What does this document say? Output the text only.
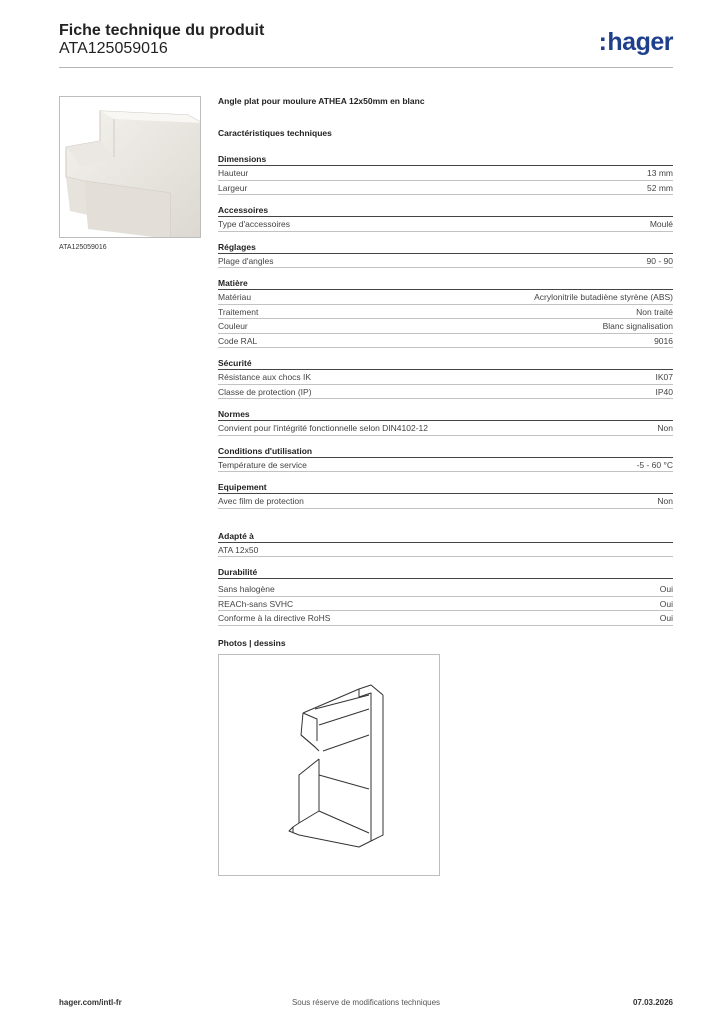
Fiche technique du produit
ATA125059016	:hager
ATA125059016
Angle plat pour moulure ATHEA 12x50mm en blanc
Caractéristiques techniques
Dimensions
Hauteur	13 mm
Largeur	52 mm
Accessoires
Type d'accessoires	Moulé
Réglages
Plage d'angles	90 - 90
Matière
Matériau	Acrylonitrile butadiène styrène (ABS)
Traitement	Non traité
Couleur	Blanc signalisation
Code RAL	9016
Sécurité
Résistance aux chocs IK	IK07
Classe de protection (IP)	IP40
Normes
Convient pour l'intégrité fonctionnelle selon DIN4102-12	Non
Conditions d'utilisation
Température de service	-5 - 60 °C
Equipement
Avec film de protection	Non
Adapté à
ATA 12x50
Durabilité
Sans halogène	Oui
REACh-sans SVHC	Oui
Conforme à la directive RoHS	Oui
Photos | dessins
hager.com/intl-fr	Sous réserve de modifications techniques	07.03.2026
